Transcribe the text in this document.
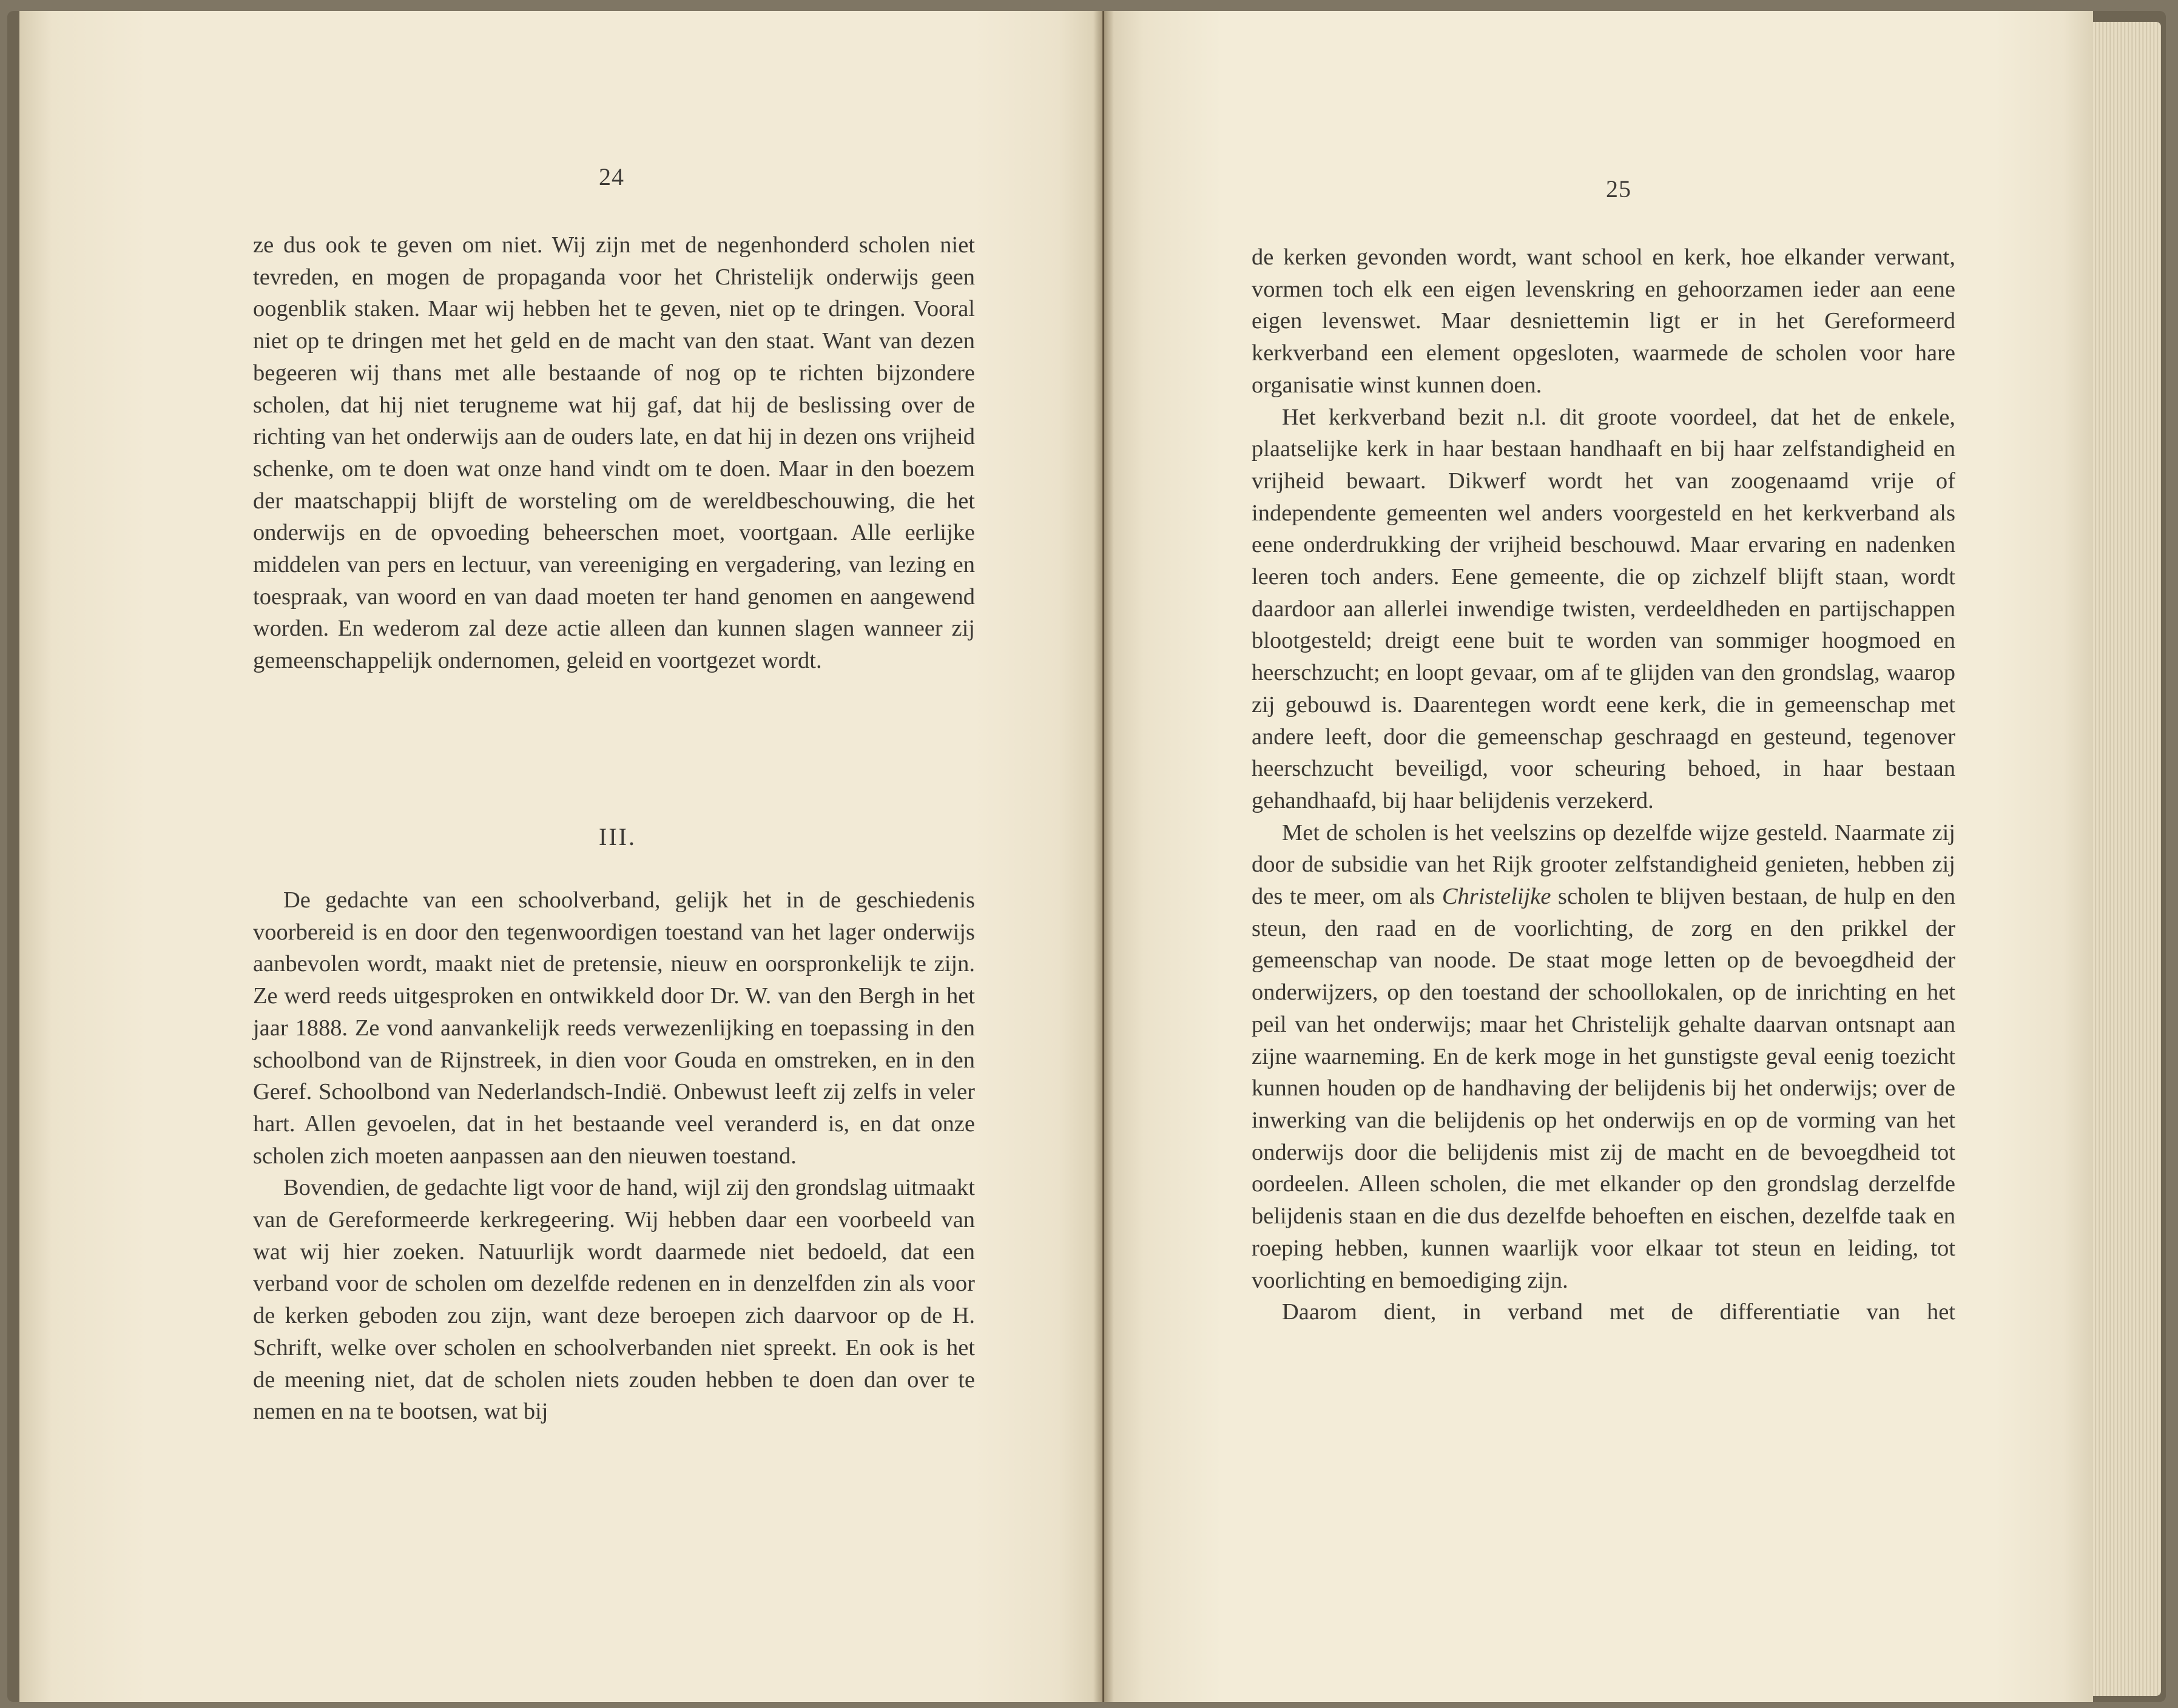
24

ze dus ook te geven om niet. Wij zijn met de negenhonderd scholen niet tevreden, en mogen de propaganda voor het Christelijk onderwijs geen oogenblik staken. Maar wij hebben het te geven, niet op te dringen. Vooral niet op te dringen met het geld en de macht van den staat. Want van dezen begeeren wij thans met alle bestaande of nog op te richten bijzondere scholen, dat hij niet terugneme wat hij gaf, dat hij de beslissing over de richting van het onderwijs aan de ouders late, en dat hij in dezen ons vrijheid schenke, om te doen wat onze hand vindt om te doen. Maar in den boezem der maatschappij blijft de worsteling om de wereldbeschouwing, die het onderwijs en de opvoeding beheerschen moet, voortgaan. Alle eerlijke middelen van pers en lectuur, van vereeniging en vergadering, van lezing en toespraak, van woord en van daad moeten ter hand genomen en aangewend worden. En wederom zal deze actie alleen dan kunnen slagen wanneer zij gemeenschappelijk ondernomen, geleid en voortgezet wordt.

III.

De gedachte van een schoolverband, gelijk het in de geschiedenis voorbereid is en door den tegenwoordigen toestand van het lager onderwijs aanbevolen wordt, maakt niet de pretensie, nieuw en oorspronkelijk te zijn. Ze werd reeds uitgesproken en ontwikkeld door Dr. W. van den Bergh in het jaar 1888. Ze vond aanvankelijk reeds verwezenlijking en toepassing in den schoolbond van de Rijnstreek, in dien voor Gouda en omstreken, en in den Geref. Schoolbond van Nederlandsch-Indië. Onbewust leeft zij zelfs in veler hart. Allen gevoelen, dat in het bestaande veel veranderd is, en dat onze scholen zich moeten aanpassen aan den nieuwen toestand.

Bovendien, de gedachte ligt voor de hand, wijl zij den grondslag uitmaakt van de Gereformeerde kerkregeering. Wij hebben daar een voorbeeld van wat wij hier zoeken. Natuurlijk wordt daarmede niet bedoeld, dat een verband voor de scholen om dezelfde redenen en in denzelfden zin als voor de kerken geboden zou zijn, want deze beroepen zich daarvoor op de H. Schrift, welke over scholen en schoolverbanden niet spreekt. En ook is het de meening niet, dat de scholen niets zouden hebben te doen dan over te nemen en na te bootsen, wat bij

25

de kerken gevonden wordt, want school en kerk, hoe elkander verwant, vormen toch elk een eigen levenskring en gehoorzamen ieder aan eene eigen levenswet. Maar desniettemin ligt er in het Gereformeerd kerkverband een element opgesloten, waarmede de scholen voor hare organisatie winst kunnen doen.

Het kerkverband bezit n.l. dit groote voordeel, dat het de enkele, plaatselijke kerk in haar bestaan handhaaft en bij haar zelfstandigheid en vrijheid bewaart. Dikwerf wordt het van zoogenaamd vrije of independente gemeenten wel anders voorgesteld en het kerkverband als eene onderdrukking der vrijheid beschouwd. Maar ervaring en nadenken leeren toch anders. Eene gemeente, die op zichzelf blijft staan, wordt daardoor aan allerlei inwendige twisten, verdeeldheden en partijschappen blootgesteld; dreigt eene buit te worden van sommiger hoogmoed en heerschzucht; en loopt gevaar, om af te glijden van den grondslag, waarop zij gebouwd is. Daarentegen wordt eene kerk, die in gemeenschap met andere leeft, door die gemeenschap geschraagd en gesteund, tegenover heerschzucht beveiligd, voor scheuring behoed, in haar bestaan gehandhaafd, bij haar belijdenis verzekerd.

Met de scholen is het veelszins op dezelfde wijze gesteld. Naarmate zij door de subsidie van het Rijk grooter zelfstandigheid genieten, hebben zij des te meer, om als Christelijke scholen te blijven bestaan, de hulp en den steun, den raad en de voorlichting, de zorg en den prikkel der gemeenschap van noode. De staat moge letten op de bevoegdheid der onderwijzers, op den toestand der schoollokalen, op de inrichting en het peil van het onderwijs; maar het Christelijk gehalte daarvan ontsnapt aan zijne waarneming. En de kerk moge in het gunstigste geval eenig toezicht kunnen houden op de handhaving der belijdenis bij het onderwijs; over de inwerking van die belijdenis op het onderwijs en op de vorming van het onderwijs door die belijdenis mist zij de macht en de bevoegdheid tot oordeelen. Alleen scholen, die met elkander op den grondslag derzelfde belijdenis staan en die dus dezelfde behoeften en eischen, dezelfde taak en roeping hebben, kunnen waarlijk voor elkaar tot steun en leiding, tot voorlichting en bemoediging zijn.

Daarom dient, in verband met de differentiatie van het
